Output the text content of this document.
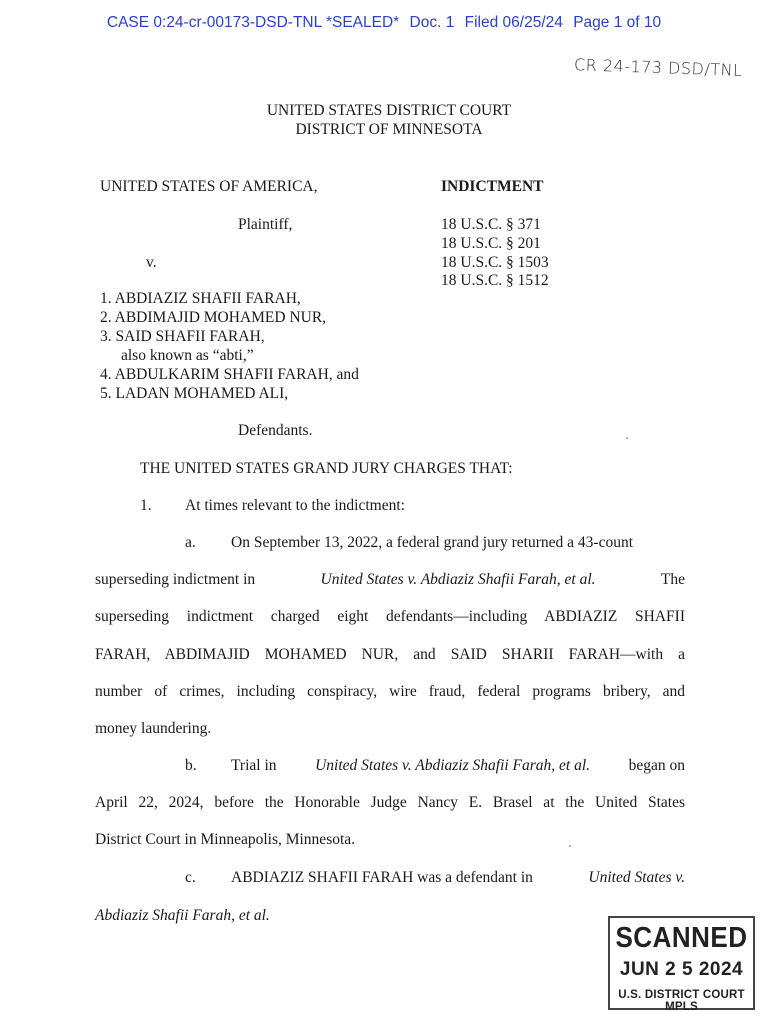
CASE 0:24-cr-00173-DSD-TNL *SEALED* Doc. 1 Filed 06/25/24 Page 1 of 10
CR 24-173 DSD/TNL
UNITED STATES DISTRICT COURT
DISTRICT OF MINNESOTA
UNITED STATES OF AMERICA,
Plaintiff,
v.
1. ABDIAZIZ SHAFII FARAH,
2. ABDIMAJID MOHAMED NUR,
3. SAID SHAFII FARAH,
also known as “abti,”
4. ABDULKARIM SHAFII FARAH, and
5. LADAN MOHAMED ALI,
Defendants.
INDICTMENT
18 U.S.C. § 371
18 U.S.C. § 201
18 U.S.C. § 1503
18 U.S.C. § 1512
THE UNITED STATES GRAND JURY CHARGES THAT:
1. At times relevant to the indictment:
a. On September 13, 2022, a federal grand jury returned a 43-count
superseding indictment in	United States v. Abdiaziz Shafii Farah, et al.	The
superseding indictment charged eight defendants—including ABDIAZIZ SHAFII
FARAH, ABDIMAJID MOHAMED NUR, and SAID SHARII FARAH—with a
number of crimes, including conspiracy, wire fraud, federal programs bribery, and
money laundering.
b. Trial in United States v. Abdiaziz Shafii Farah, et al. began on
April 22, 2024, before the Honorable Judge Nancy E. Brasel at the United States
District Court in Minneapolis, Minnesota.
c. ABDIAZIZ SHAFII FARAH was a defendant in	United States v.
Abdiaziz Shafii Farah, et al.
SCANNED
JUN 2 5 2024
U.S. DISTRICT COURT MPLS
